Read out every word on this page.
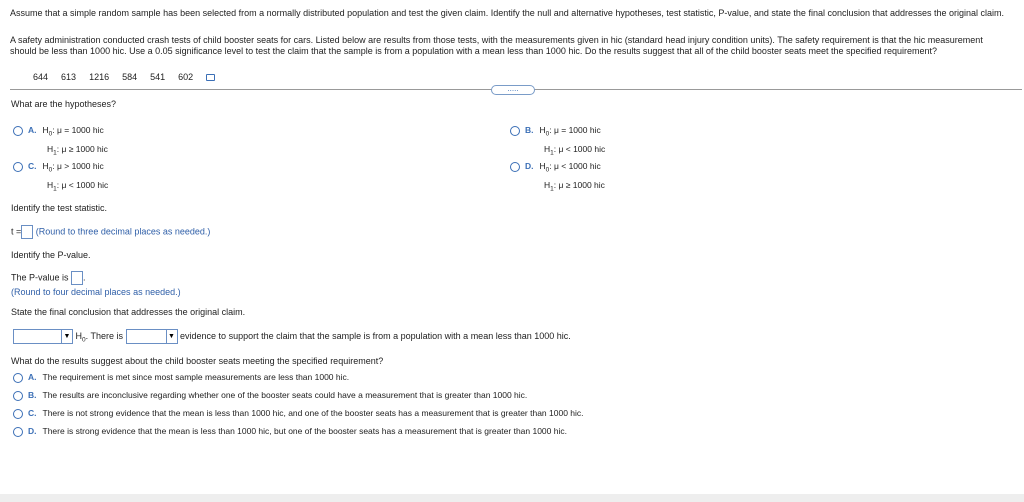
Assume that a simple random sample has been selected from a normally distributed population and test the given claim. Identify the null and alternative hypotheses, test statistic, P-value, and state the final conclusion that addresses the original claim.
A safety administration conducted crash tests of child booster seats for cars. Listed below are results from those tests, with the measurements given in hic (standard head injury condition units). The safety requirement is that the hic measurement should be less than 1000 hic. Use a 0.05 significance level to test the claim that the sample is from a population with a mean less than 1000 hic. Do the results suggest that all of the child booster seats meet the specified requirement?
644 613 1216 584 541 602
.....
What are the hypotheses?
A. $H_0$: μ = 1000 hic
$H_1$: μ ≥ 1000 hic
B. $H_0$: μ = 1000 hic
$H_1$: μ < 1000 hic
C. $H_0$: μ > 1000 hic
$H_1$: μ < 1000 hic
D. $H_0$: μ < 1000 hic
$H_1$: μ ≥ 1000 hic
Identify the test statistic.
t = (Round to three decimal places as needed.)
Identify the P-value.
The P-value is .
(Round to four decimal places as needed.)
State the final conclusion that addresses the original claim.
▼ $H_0$. There is	▼ evidence to support the claim that the sample is from a population with a mean less than 1000 hic.
What do the results suggest about the child booster seats meeting the specified requirement?
A. The requirement is met since most sample measurements are less than 1000 hic.
B. The results are inconclusive regarding whether one of the booster seats could have a measurement that is greater than 1000 hic.
C. There is not strong evidence that the mean is less than 1000 hic, and one of the booster seats has a measurement that is greater than 1000 hic.
D. There is strong evidence that the mean is less than 1000 hic, but one of the booster seats has a measurement that is greater than 1000 hic.
